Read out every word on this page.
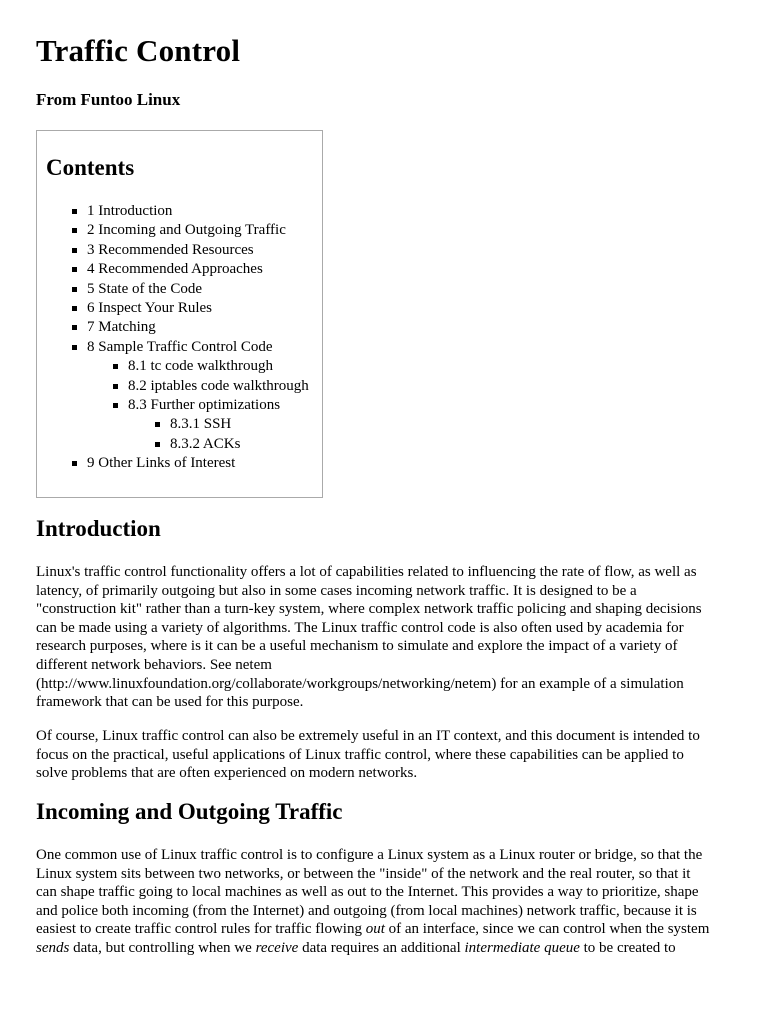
Traffic Control
From Funtoo Linux
Contents
1 Introduction
2 Incoming and Outgoing Traffic
3 Recommended Resources
4 Recommended Approaches
5 State of the Code
6 Inspect Your Rules
7 Matching
8 Sample Traffic Control Code
8.1 tc code walkthrough
8.2 iptables code walkthrough
8.3 Further optimizations
8.3.1 SSH
8.3.2 ACKs
9 Other Links of Interest
Introduction

Linux's traffic control functionality offers a lot of capabilities related to influencing the rate of flow, as well as
latency, of primarily outgoing but also in some cases incoming network traffic. It is designed to be a
"construction kit" rather than a turn-key system, where complex network traffic policing and shaping decisions
can be made using a variety of algorithms. The Linux traffic control code is also often used by academia for
research purposes, where is it can be a useful mechanism to simulate and explore the impact of a variety of
different network behaviors. See netem
(http://www.linuxfoundation.org/collaborate/workgroups/networking/netem) for an example of a simulation
framework that can be used for this purpose.

Of course, Linux traffic control can also be extremely useful in an IT context, and this document is intended to
focus on the practical, useful applications of Linux traffic control, where these capabilities can be applied to
solve problems that are often experienced on modern networks.

Incoming and Outgoing Traffic

One common use of Linux traffic control is to configure a Linux system as a Linux router or bridge, so that the
Linux system sits between two networks, or between the "inside" of the network and the real router, so that it
can shape traffic going to local machines as well as out to the Internet. This provides a way to prioritize, shape
and police both incoming (from the Internet) and outgoing (from local machines) network traffic, because it is
easiest to create traffic control rules for traffic flowing out of an interface, since we can control when the system
sends data, but controlling when we receive data requires an additional intermediate queue to be created to
